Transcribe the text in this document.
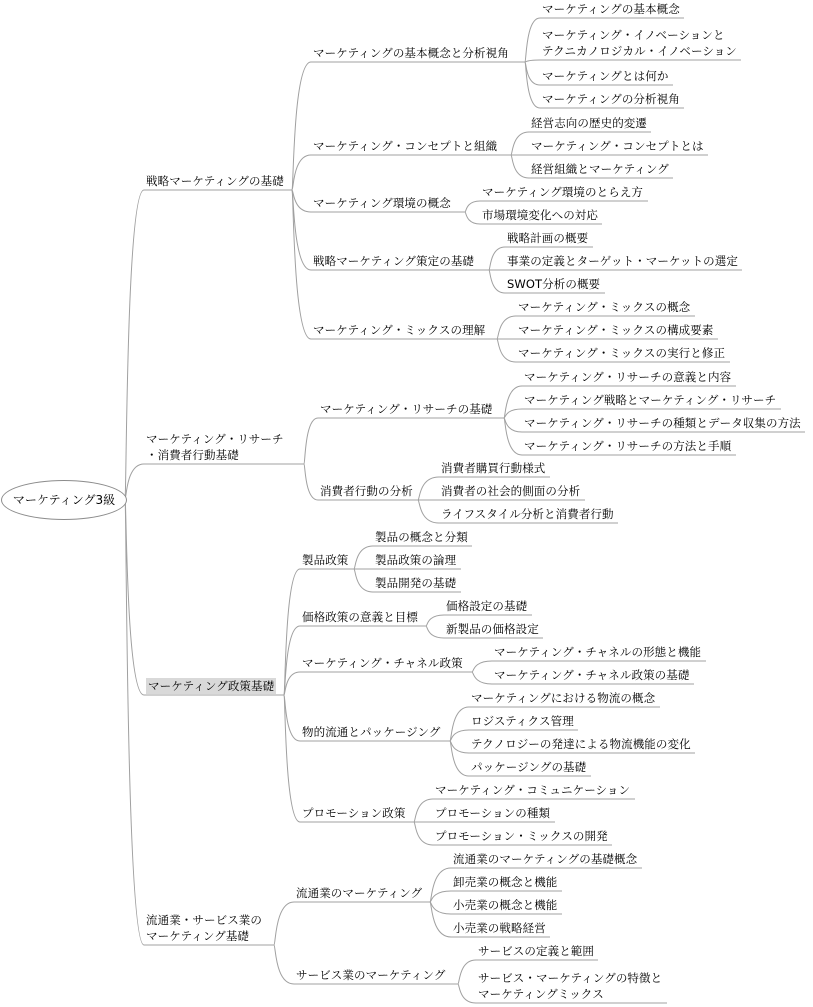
マーケティング3級
戦略マーケティングの基礎
マーケティングの基本概念と分析視角
マーケティングの基本概念
マーケティング・イノベーションと
テクニカノロジカル・イノベーション
マーケティングとは何か
マーケティングの分析視角
マーケティング・コンセプトと組織
経営志向の歴史的変遷
マーケティング・コンセプトとは
経営組織とマーケティング
マーケティング環境の概念
マーケティング環境のとらえ方
市場環境変化への対応
戦略マーケティング策定の基礎
戦略計画の概要
事業の定義とターゲット・マーケットの選定
SWOT分析の概要
マーケティング・ミックスの理解
マーケティング・ミックスの概念
マーケティング・ミックスの構成要素
マーケティング・ミックスの実行と修正
マーケティング・リサーチ
・消費者行動基礎
マーケティング・リサーチの基礎
マーケティング・リサーチの意義と内容
マーケティング戦略とマーケティング・リサーチ
マーケティング・リサーチの種類とデータ収集の方法
マーケティング・リサーチの方法と手順
消費者行動の分析
消費者購買行動様式
消費者の社会的側面の分析
ライフスタイル分析と消費者行動
マーケティング政策基礎
製品政策
製品の概念と分類
製品政策の論理
製品開発の基礎
価格政策の意義と目標
価格設定の基礎
新製品の価格設定
マーケティング・チャネル政策
マーケティング・チャネルの形態と機能
マーケティング・チャネル政策の基礎
物的流通とパッケージング
マーケティングにおける物流の概念
ロジスティクス管理
テクノロジーの発達による物流機能の変化
パッケージングの基礎
プロモーション政策
マーケティング・コミュニケーション
プロモーションの種類
プロモーション・ミックスの開発
流通業・サービス業の
マーケティング基礎
流通業のマーケティング
流通業のマーケティングの基礎概念
卸売業の概念と機能
小売業の概念と機能
小売業の戦略経営
サービス業のマーケティング
サービスの定義と範囲
サービス・マーケティングの特徴と
マーケティングミックス
